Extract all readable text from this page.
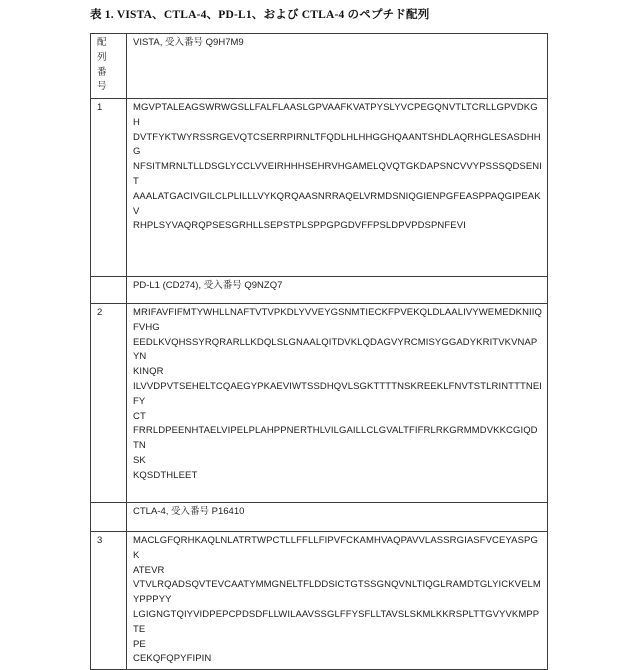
表 1. VISTA、CTLA-4、PD-L1、および CTLA-4 のペプチド配列
配
列
番
号	VISTA, 受入番号 Q9H7M9
1	MGVPTALEAGSWRWGSLLFALFLAASLGPVAAFKVATPYSLYVCPEGQNVTLTCRLLGPVDKGH
DVTFYKTWYRSSRGEVQTCSERRPIRNLTFQDLHLHHGGHQAANTSHDLAQRHGLESASDHHG
NFSITMRNLTLLDSGLYCCLVVEIRHHHSEHRVHGAMELQVQTGKDAPSNCVVYPSSSQDSENIT
AAALATGACIVGILCLPLILLLVYKQRQAASNRRAQELVRMDSNIQGIENPGFEASPPAQGIPEAKV
RHPLSYVAQRQPSESGRHLLSEPSTPLSPPGPGDVFFPSLDPVPDSPNFEVI
	PD-L1 (CD274), 受入番号 Q9NZQ7
2	MRIFAVFIFMTYWHLLNAFTVTVPKDLYVVEYGSNMTIECKFPVEKQLDLAALIVYWEMEDKNIIQ
FVHG
EEDLKVQHSSYRQRARLLKDQLSLGNAALQITDVKLQDAGVYRCMISYGGADYKRITVKVNAPYN
KINQR
ILVVDPVTSEHELTCQAEGYPKAEVIWTSSDHQVLSGKTTTTNSKREEKLFNVTSTLRINTTTNEIFY
CT
FRRLDPEENHTAELVIPELPLAHPPNERTHLVILGAILLCLGVALTFIFRLRKGRMMDVKKCGIQDTN
SK
KQSDTHLEET
	CTLA-4, 受入番号 P16410
3	MACLGFQRHKAQLNLATRTWPCTLLFFLLFIPVFCKAMHVAQPAVVLASSRGIASFVCEYASPGK
ATEVR
VTVLRQADSQVTEVCAATYMMGNELTFLDDSICTGTSSGNQVNLTIQGLRAMDTGLYICKVELM
YPPPYY
LGIGNGTQIYVIDPEPCPDSDFLLWILAAVSSGLFFYSFLLTAVSLSKMLKKRSPLTTGVYVKMPPTE
PE
CEKQFQPYFIPIN
